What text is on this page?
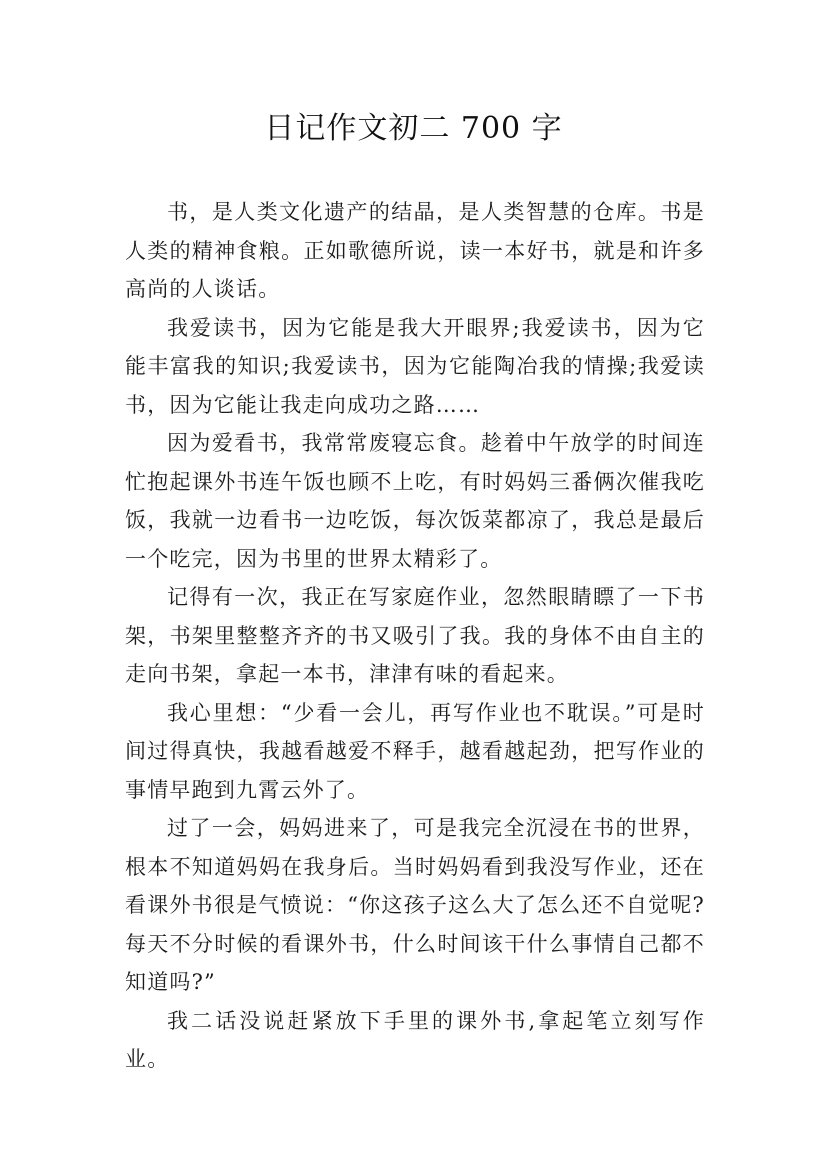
日记作文初二 700 字

书，是人类文化遗产的结晶，是人类智慧的仓库。书是人类的精神食粮。正如歌德所说，读一本好书，就是和许多高尚的人谈话。

我爱读书，因为它能是我大开眼界;我爱读书，因为它能丰富我的知识;我爱读书，因为它能陶冶我的情操;我爱读书，因为它能让我走向成功之路……

因为爱看书，我常常废寝忘食。趁着中午放学的时间连忙抱起课外书连午饭也顾不上吃，有时妈妈三番俩次催我吃饭，我就一边看书一边吃饭，每次饭菜都凉了，我总是最后一个吃完，因为书里的世界太精彩了。

记得有一次，我正在写家庭作业，忽然眼睛瞟了一下书架，书架里整整齐齐的书又吸引了我。我的身体不由自主的走向书架，拿起一本书，津津有味的看起来。

我心里想：“少看一会儿，再写作业也不耽误。”可是时间过得真快，我越看越爱不释手，越看越起劲，把写作业的事情早跑到九霄云外了。

过了一会，妈妈进来了，可是我完全沉浸在书的世界，根本不知道妈妈在我身后。当时妈妈看到我没写作业，还在看课外书很是气愤说：“你这孩子这么大了怎么还不自觉呢?每天不分时候的看课外书，什么时间该干什么事情自己都不知道吗?”

我二话没说赶紧放下手里的课外书,拿起笔立刻写作业。
